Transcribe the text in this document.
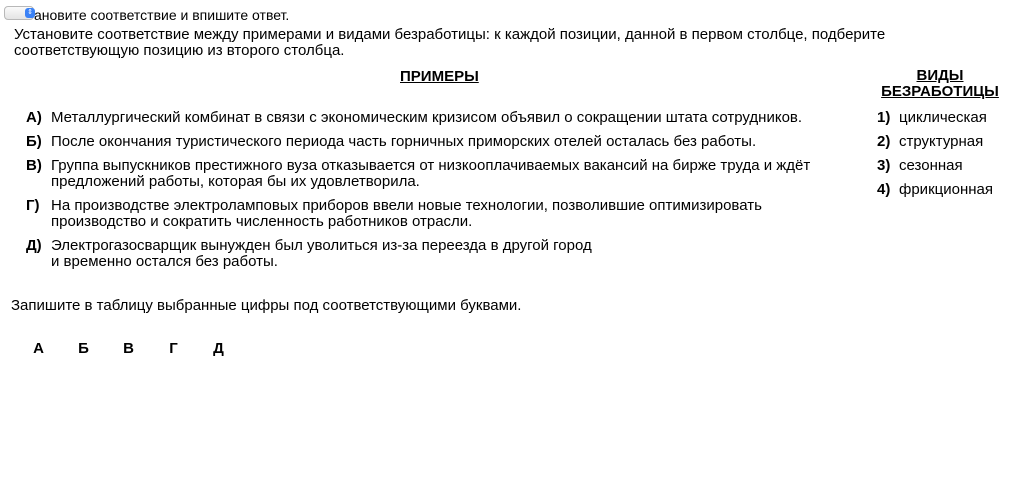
⇕ ановите соответствие и впишите ответ.
Установите соответствие между примерами и видами безработицы: к каждой позиции, данной в первом столбце, подберите соответствующую позицию из второго столбца.
ПРИМЕРЫ	ВИДЫ
БЕЗРАБОТИЦЫ
А) Металлургический комбинат в связи с экономическим кризисом объявил о сокращении штата сотрудников.
Б) После окончания туристического периода часть горничных приморских отелей осталась без работы.
В) Группа выпускников престижного вуза отказывается от низкооплачиваемых вакансий на бирже труда и ждёт предложений работы, которая бы их удовлетворила.
Г) На производстве электроламповых приборов ввели новые технологии, позволившие оптимизировать производство и сократить численность работников отрасли.
Д) Электрогазосварщик вынужден был уволиться из-за переезда в другой город
и временно остался без работы.
1) циклическая
2) структурная
3) сезонная
4) фрикционная
Запишите в таблицу выбранные цифры под соответствующими буквами.
А	Б	В	Г	Д
